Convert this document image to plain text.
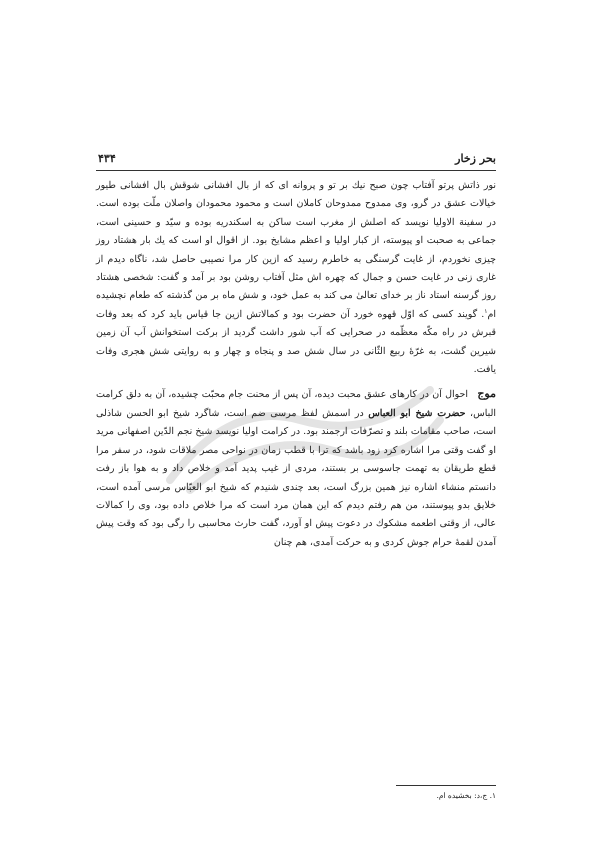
بحر زخار
۴۳۴

نور ذاتش پرتو آفتاب چون صبح نیك بر تو و پروانه ای که از بال افشانی شوقش بال افشانی طیور خیالات عشق در گرو، وی ممدوح ممدوحان کاملان است و محمود محمودان واصلان ملّت بوده است. در سفینة الاولیا نویسد که اصلش از مغرب است ساکن به اسکندریه بوده و سیّد و حسینی است، جماعی به صحبت او پیوسته، از کبار اولیا و اعظم مشایخ بود. از اقوال او است که یك بار هشتاد روز چیزی نخوردم، از غایت گرسنگی به خاطرم رسید که ازین کار مرا نصیبی حاصل شد، ناگاه دیدم از غاری زنی در غایت حسن و جمال که چهره اش مثل آفتاب روشن بود بر آمد و گفت: شخصی هشتاد روز گرسنه استاد ناز بر خدای تعالیٰ می کند به عمل خود، و شش ماه بر من گذشته که طعام نچشیده ام$^۱$. گویند کسی که اوّل قهوه خورد آن حضرت بود و کمالاتش ازین جا قیاس باید کرد که بعد وفات قبرش در راه مکّه معظّمه در صحرایی که آب شور داشت گردید از برکت استخوانش آب آن زمین شیرین گشت، به غرّهٔ ربیع الثّانی در سال شش صد و پنجاه و چهار و به روایتی شش هجری وفات یافت.

موج احوال آن در کارهای عشق محبت دیده، آن پس از محنت جام محبّت چشیده، آن به دلق کرامت الباس، حضرت شیخ ابو العباس در اسمش لفظ مرسی ضم است، شاگرد شیخ ابو الحسن شاذلی است، صاحب مقامات بلند و تصرّفات ارجمند بود. در کرامت اولیا نویسد شیخ نجم الدّین اصفهانی مرید او گفت وقتی مرا اشاره کرد زود باشد که ترا با قطب زمان در نواحی مصر ملاقات شود، در سفر مرا قطع طریقان به تهمت جاسوسی بر بستند، مردی از غیب پدید آمد و خلاص داد و به هوا باز رفت دانستم منشاء اشاره نیز همین بزرگ است، بعد چندی شنیدم که شیخ ابو العبّاس مرسی آمده است، خلایق بدو پیوستند، من هم رفتم دیدم که این همان مرد است که مرا خلاص داده بود، وی را کمالات عالی، از وقتی اطعمه مشکوك در دعوت پیش او آورد، گفت حارث محاسبی را رگی بود که وقت پیش آمدن لقمهٔ حرام جوش کردی و به حرکت آمدی، هم چنان

۱. ج،د: بخشیده ام.
